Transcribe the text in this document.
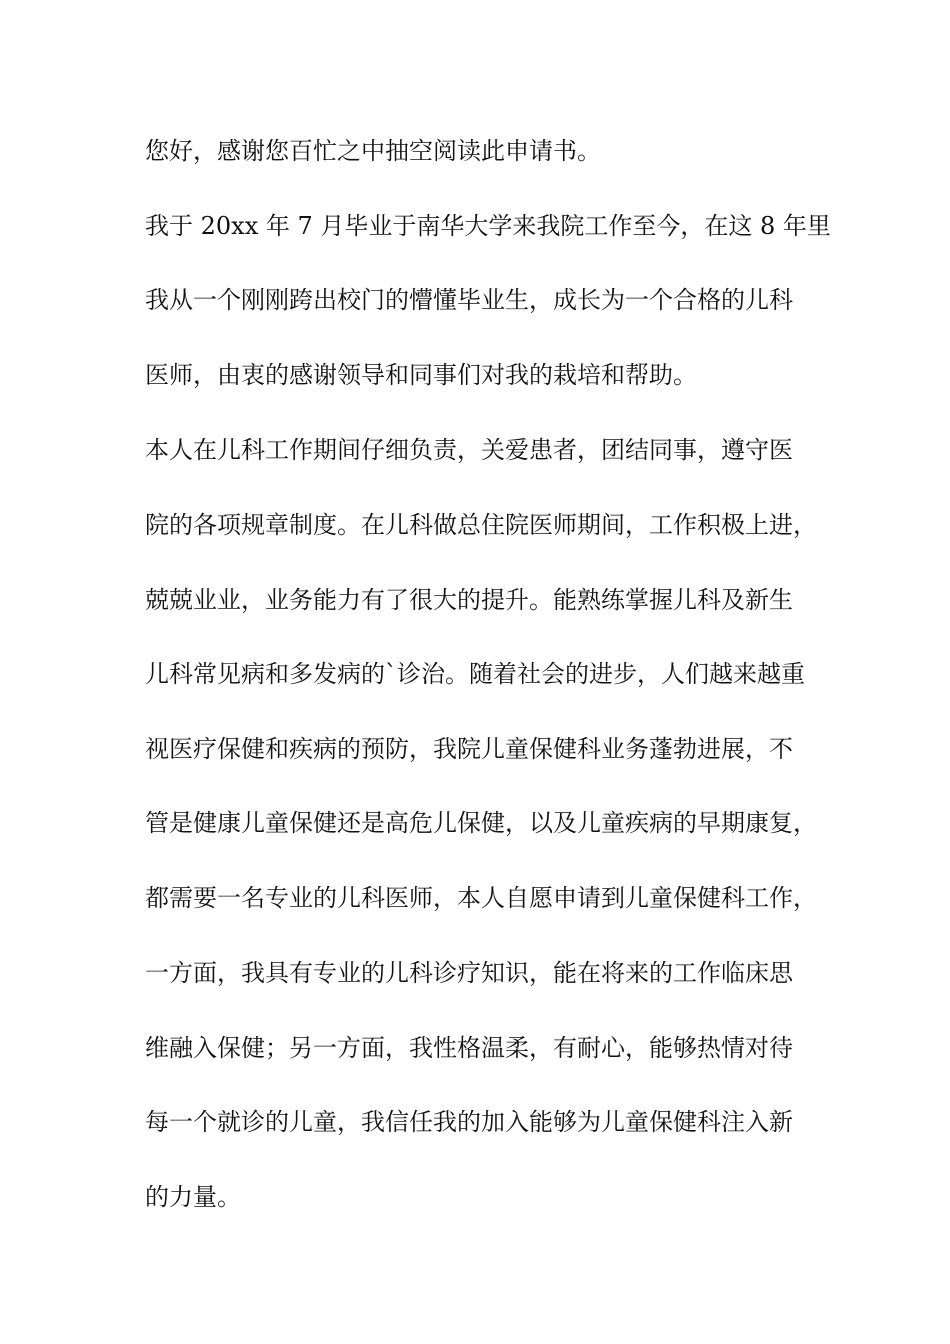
您好，感谢您百忙之中抽空阅读此申请书。

我于 20xx 年 7 月毕业于南华大学来我院工作至今，在这 8 年里

我从一个刚刚跨出校门的懵懂毕业生，成长为一个合格的儿科

医师，由衷的感谢领导和同事们对我的栽培和帮助。

本人在儿科工作期间仔细负责，关爱患者，团结同事，遵守医

院的各项规章制度。在儿科做总住院医师期间，工作积极上进，

兢兢业业，业务能力有了很大的提升。能熟练掌握儿科及新生

儿科常见病和多发病的`诊治。随着社会的进步，人们越来越重

视医疗保健和疾病的预防，我院儿童保健科业务蓬勃进展，不

管是健康儿童保健还是高危儿保健，以及儿童疾病的早期康复，

都需要一名专业的儿科医师，本人自愿申请到儿童保健科工作，

一方面，我具有专业的儿科诊疗知识，能在将来的工作临床思

维融入保健；另一方面，我性格温柔，有耐心，能够热情对待

每一个就诊的儿童，我信任我的加入能够为儿童保健科注入新

的力量。
